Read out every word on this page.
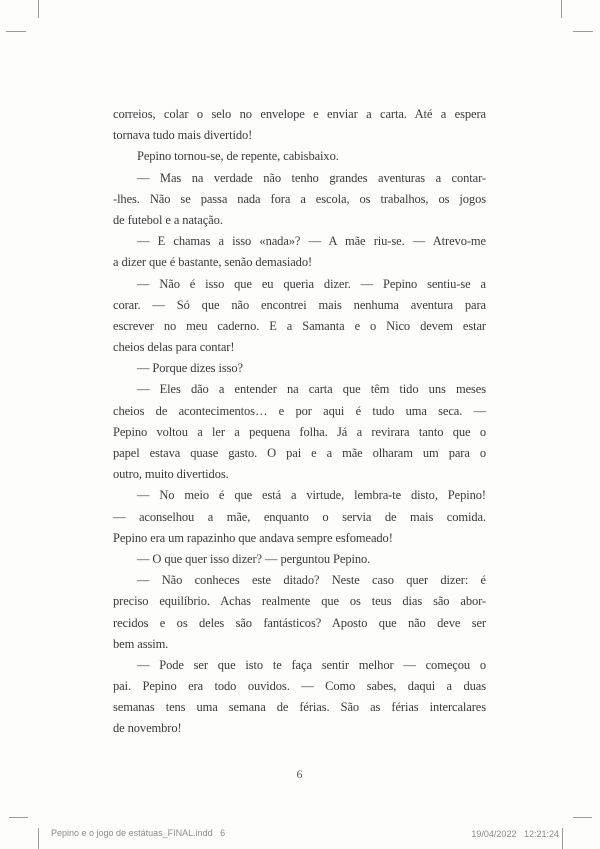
correios, colar o selo no envelope e enviar a carta. Até a espera
tornava tudo mais divertido!
Pepino tornou-se, de repente, cabisbaixo.
— Mas na verdade não tenho grandes aventuras a contar-
-lhes. Não se passa nada fora a escola, os trabalhos, os jogos
de futebol e a natação.
— E chamas a isso «nada»? — A mãe riu-se. — Atrevo-me
a dizer que é bastante, senão demasiado!
— Não é isso que eu queria dizer. — Pepino sentiu-se a
corar. — Só que não encontrei mais nenhuma aventura para
escrever no meu caderno. E a Samanta e o Nico devem estar
cheios delas para contar!
— Porque dizes isso?
— Eles dão a entender na carta que têm tido uns meses
cheios de acontecimentos… e por aqui é tudo uma seca. —
Pepino voltou a ler a pequena folha. Já a revirara tanto que o
papel estava quase gasto. O pai e a mãe olharam um para o
outro, muito divertidos.
— No meio é que está a virtude, lembra-te disto, Pepino!
— aconselhou a mãe, enquanto o servia de mais comida.
Pepino era um rapazinho que andava sempre esfomeado!
— O que quer isso dizer? — perguntou Pepino.
— Não conheces este ditado? Neste caso quer dizer: é
preciso equilíbrio. Achas realmente que os teus dias são abor-
recidos e os deles são fantásticos? Aposto que não deve ser
bem assim.
— Pode ser que isto te faça sentir melhor — começou o
pai. Pepino era todo ouvidos. — Como sabes, daqui a duas
semanas tens uma semana de férias. São as férias intercalares
de novembro!
6
Pepino e o jogo de estátuas_FINAL.indd   6	19/04/2022   12:21:24
